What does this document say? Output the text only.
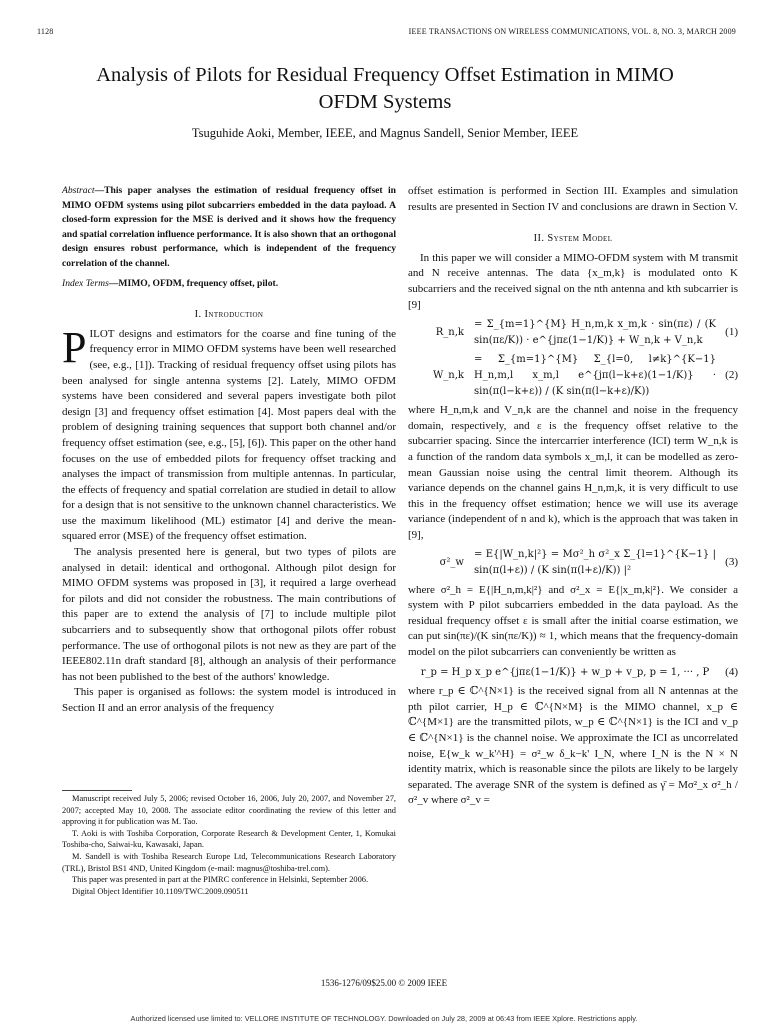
1128	IEEE TRANSACTIONS ON WIRELESS COMMUNICATIONS, VOL. 8, NO. 3, MARCH 2009
Analysis of Pilots for Residual Frequency Offset Estimation in MIMO OFDM Systems
Tsuguhide Aoki, Member, IEEE, and Magnus Sandell, Senior Member, IEEE
Abstract—This paper analyses the estimation of residual frequency offset in MIMO OFDM systems using pilot subcarriers embedded in the data payload. A closed-form expression for the MSE is derived and it shows how the frequency and spatial correlation influence performance. It is also shown that an orthogonal design ensures robust performance, which is independent of the frequency correlation of the channel.
Index Terms—MIMO, OFDM, frequency offset, pilot.
I. Introduction

PILOT designs and estimators for the coarse and fine tuning of the frequency error in MIMO OFDM systems have been well researched (see, e.g., [1]). Tracking of residual frequency offset using pilots has been analysed for single antenna systems [2]. Lately, MIMO OFDM systems have been considered and several papers investigate both pilot design [3] and frequency offset estimation [4]. Most papers deal with the problem of designing training sequences that support both channel and/or frequency offset estimation (see, e.g., [5], [6]). This paper on the other hand focuses on the use of embedded pilots for frequency offset tracking and analyses the impact of transmission from multiple antennas. In particular, the effects of frequency and spatial correlation are studied in detail to allow for a design that is not sensitive to the unknown channel characteristics. We use the maximum likelihood (ML) estimator [4] and derive the mean-squared error (MSE) of the frequency offset estimation.

The analysis presented here is general, but two types of pilots are analysed in detail: identical and orthogonal. Although pilot design for MIMO OFDM systems was proposed in [3], it required a large overhead for pilots and did not consider the robustness. The main contributions of this paper are to extend the analysis of [7] to include multiple pilot subcarriers and to subsequently show that orthogonal pilots offer robust performance. The use of orthogonal pilots is not new as they are part of the IEEE802.11n draft standard [8], although an analysis of their performance has not been published to the best of the authors' knowledge.

This paper is organised as follows: the system model is introduced in Section II and an error analysis of the frequency

Manuscript received July 5, 2006; revised October 16, 2006, July 20, 2007, and November 27, 2007; accepted May 10, 2008. The associate editor coordinating the review of this letter and approving it for publication was M. Tao.

T. Aoki is with Toshiba Corporation, Corporate Research & Development Center, 1, Komukai Toshiba-cho, Saiwai-ku, Kawasaki, Japan.

M. Sandell is with Toshiba Research Europe Ltd, Telecommunications Research Laboratory (TRL), Bristol BS1 4ND, United Kingdom (e-mail: magnus@toshiba-trel.com).

This paper was presented in part at the PIMRC conference in Helsinki, September 2006.

Digital Object Identifier 10.1109/TWC.2009.090511

offset estimation is performed in Section III. Examples and simulation results are presented in Section IV and conclusions are drawn in Section V.

II. System Model

In this paper we will consider a MIMO-OFDM system with M transmit and N receive antennas. The data {x_m,k} is modulated onto K subcarriers and the received signal on the nth antenna and kth subcarrier is [9]

R_n,k
= Σ_{m=1}^{M} H_n,m,k x_m,k · sin(πε) / (K sin(πε/K)) · e^{jπε(1−1/K)} + W_n,k + V_n,k
(1)
W_n,k
= Σ_{m=1}^{M} Σ_{l=0, l≠k}^{K−1} H_n,m,l x_m,l e^{jπ(l−k+ε)(1−1/K)} · sin(π(l−k+ε)) / (K sin(π(l−k+ε)/K))
(2)

where H_n,m,k and V_n,k are the channel and noise in the frequency domain, respectively, and ε is the frequency offset relative to the subcarrier spacing. Since the intercarrier interference (ICI) term W_n,k is a function of the random data symbols x_m,l, it can be modelled as zero-mean Gaussian noise using the central limit theorem. Although its variance depends on the channel gains H_n,m,k, it is very difficult to use this in the frequency offset estimation; hence we will use its average variance (independent of n and k), which is the approach that was taken in [9],

σ²_w
= E{|W_n,k|²} = Mσ²_h σ²_x Σ_{l=1}^{K−1} | sin(π(l+ε)) / (K sin(π(l+ε)/K)) |²
(3)

where σ²_h = E{|H_n,m,k|²} and σ²_x = E{|x_m,k|²}. We consider a system with P pilot subcarriers embedded in the data payload. As the residual frequency offset ε is small after the initial coarse estimation, we can put sin(πε)/(K sin(πε/K)) ≈ 1, which means that the frequency-domain model on the pilot subcarriers can conveniently be written as

r_p = H_p x_p e^{jπε(1−1/K)} + w_p + v_p, p = 1, ··· , P	(4)

where r_p ∈ ℂ^{N×1} is the received signal from all N antennas at the pth pilot carrier, H_p ∈ ℂ^{N×M} is the MIMO channel, x_p ∈ ℂ^{M×1} are the transmitted pilots, w_p ∈ ℂ^{N×1} is the ICI and v_p ∈ ℂ^{N×1} is the channel noise. We approximate the ICI as uncorrelated noise, E{w_k w_k'^H} = σ²_w δ_k−k' I_N, where I_N is the N × N identity matrix, which is reasonable since the pilots are likely to be largely separated. The average SNR of the system is defined as γ̄ = Mσ²_x σ²_h / σ²_v where σ²_v =

1536-1276/09$25.00 © 2009 IEEE
Authorized licensed use limited to: VELLORE INSTITUTE OF TECHNOLOGY. Downloaded on July 28, 2009 at 06:43 from IEEE Xplore. Restrictions apply.
